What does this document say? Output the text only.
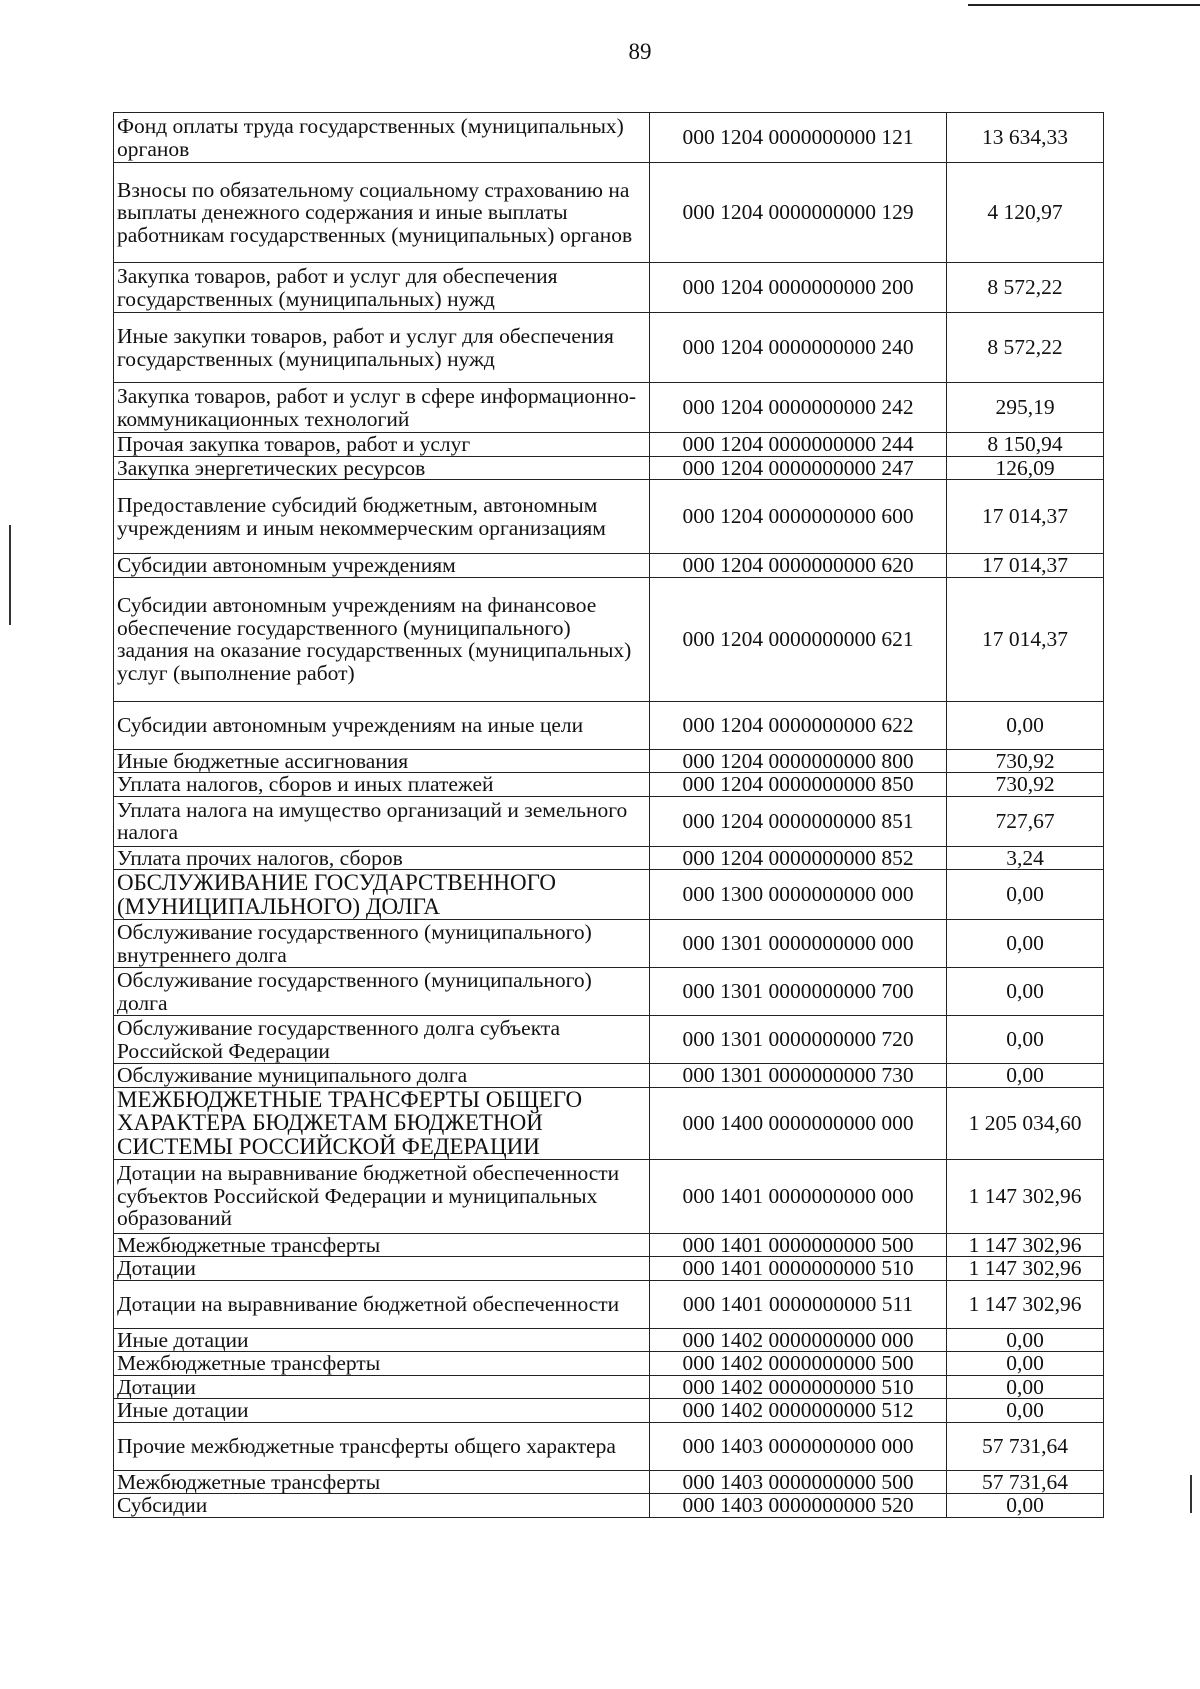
89
Фонд оплаты труда государственных (муниципальных) органов	000 1204 0000000000 121	13 634,33
Взносы по обязательному социальному страхованию на выплаты денежного содержания и иные выплаты работникам государственных (муниципальных) органов	000 1204 0000000000 129	4 120,97
Закупка товаров, работ и услуг для обеспечения государственных (муниципальных) нужд	000 1204 0000000000 200	8 572,22
Иные закупки товаров, работ и услуг для обеспечения государственных (муниципальных) нужд	000 1204 0000000000 240	8 572,22
Закупка товаров, работ и услуг в сфере информационно-коммуникационных технологий	000 1204 0000000000 242	295,19
Прочая закупка товаров, работ и услуг	000 1204 0000000000 244	8 150,94
Закупка энергетических ресурсов	000 1204 0000000000 247	126,09
Предоставление субсидий бюджетным, автономным учреждениям и иным некоммерческим организациям	000 1204 0000000000 600	17 014,37
Субсидии автономным учреждениям	000 1204 0000000000 620	17 014,37
Субсидии автономным учреждениям на финансовое обеспечение государственного (муниципального) задания на оказание государственных (муниципальных) услуг (выполнение работ)	000 1204 0000000000 621	17 014,37
Субсидии автономным учреждениям на иные цели	000 1204 0000000000 622	0,00
Иные бюджетные ассигнования	000 1204 0000000000 800	730,92
Уплата налогов, сборов и иных платежей	000 1204 0000000000 850	730,92
Уплата налога на имущество организаций и земельного налога	000 1204 0000000000 851	727,67
Уплата прочих налогов, сборов	000 1204 0000000000 852	3,24
ОБСЛУЖИВАНИЕ ГОСУДАРСТВЕННОГО (МУНИЦИПАЛЬНОГО) ДОЛГА	000 1300 0000000000 000	0,00
Обслуживание государственного (муниципального) внутреннего долга	000 1301 0000000000 000	0,00
Обслуживание государственного (муниципального) долга	000 1301 0000000000 700	0,00
Обслуживание государственного долга субъекта Российской Федерации	000 1301 0000000000 720	0,00
Обслуживание муниципального долга	000 1301 0000000000 730	0,00
МЕЖБЮДЖЕТНЫЕ ТРАНСФЕРТЫ ОБЩЕГО ХАРАКТЕРА БЮДЖЕТАМ БЮДЖЕТНОЙ СИСТЕМЫ РОССИЙСКОЙ ФЕДЕРАЦИИ	000 1400 0000000000 000	1 205 034,60
Дотации на выравнивание бюджетной обеспеченности субъектов Российской Федерации и муниципальных образований	000 1401 0000000000 000	1 147 302,96
Межбюджетные трансферты	000 1401 0000000000 500	1 147 302,96
Дотации	000 1401 0000000000 510	1 147 302,96
Дотации на выравнивание бюджетной обеспеченности	000 1401 0000000000 511	1 147 302,96
Иные дотации	000 1402 0000000000 000	0,00
Межбюджетные трансферты	000 1402 0000000000 500	0,00
Дотации	000 1402 0000000000 510	0,00
Иные дотации	000 1402 0000000000 512	0,00
Прочие межбюджетные трансферты общего характера	000 1403 0000000000 000	57 731,64
Межбюджетные трансферты	000 1403 0000000000 500	57 731,64
Субсидии	000 1403 0000000000 520	0,00
